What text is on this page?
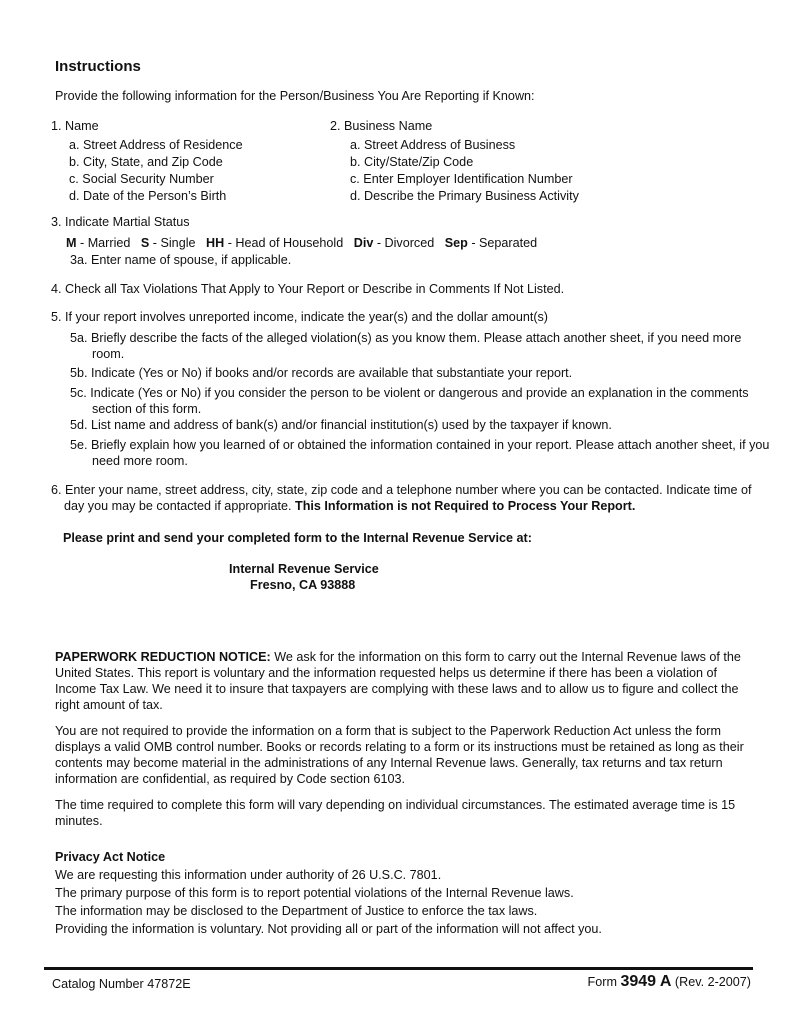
Instructions
Provide the following information for the Person/Business You Are Reporting if Known:
1. Name
a. Street Address of Residence
b. City, State, and Zip Code
c. Social Security Number
d. Date of the Person’s Birth
2. Business Name
a. Street Address of Business
b. City/State/Zip Code
c. Enter Employer Identification Number
d. Describe the Primary Business Activity
3. Indicate Martial Status
M - Married S - Single HH - Head of Household Div - Divorced Sep - Separated
3a. Enter name of spouse, if applicable.
4. Check all Tax Violations That Apply to Your Report or Describe in Comments If Not Listed.
5. If your report involves unreported income, indicate the year(s) and the dollar amount(s)
5a. Briefly describe the facts of the alleged violation(s) as you know them. Please attach another sheet, if you need more room.
5b. Indicate (Yes or No) if books and/or records are available that substantiate your report.
5c. Indicate (Yes or No) if you consider the person to be violent or dangerous and provide an explanation in the comments section of this form.
5d. List name and address of bank(s) and/or financial institution(s) used by the taxpayer if known.
5e. Briefly explain how you learned of or obtained the information contained in your report. Please attach another sheet, if you need more room.
6. Enter your name, street address, city, state, zip code and a telephone number where you can be contacted. Indicate time of day you may be contacted if appropriate. This Information is not Required to Process Your Report.
Please print and send your completed form to the Internal Revenue Service at:
Internal Revenue Service
Fresno, CA 93888
PAPERWORK REDUCTION NOTICE: We ask for the information on this form to carry out the Internal Revenue laws of the United States. This report is voluntary and the information requested helps us determine if there has been a violation of Income Tax Law. We need it to insure that taxpayers are complying with these laws and to allow us to figure and collect the right amount of tax.
You are not required to provide the information on a form that is subject to the Paperwork Reduction Act unless the form displays a valid OMB control number. Books or records relating to a form or its instructions must be retained as long as their contents may become material in the administrations of any Internal Revenue laws. Generally, tax returns and tax return information are confidential, as required by Code section 6103.
The time required to complete this form will vary depending on individual circumstances. The estimated average time is 15 minutes.
Privacy Act Notice
We are requesting this information under authority of 26 U.S.C. 7801.
The primary purpose of this form is to report potential violations of the Internal Revenue laws.
The information may be disclosed to the Department of Justice to enforce the tax laws.
Providing the information is voluntary. Not providing all or part of the information will not affect you.
Catalog Number 47872E	Form 3949 A (Rev. 2-2007)
